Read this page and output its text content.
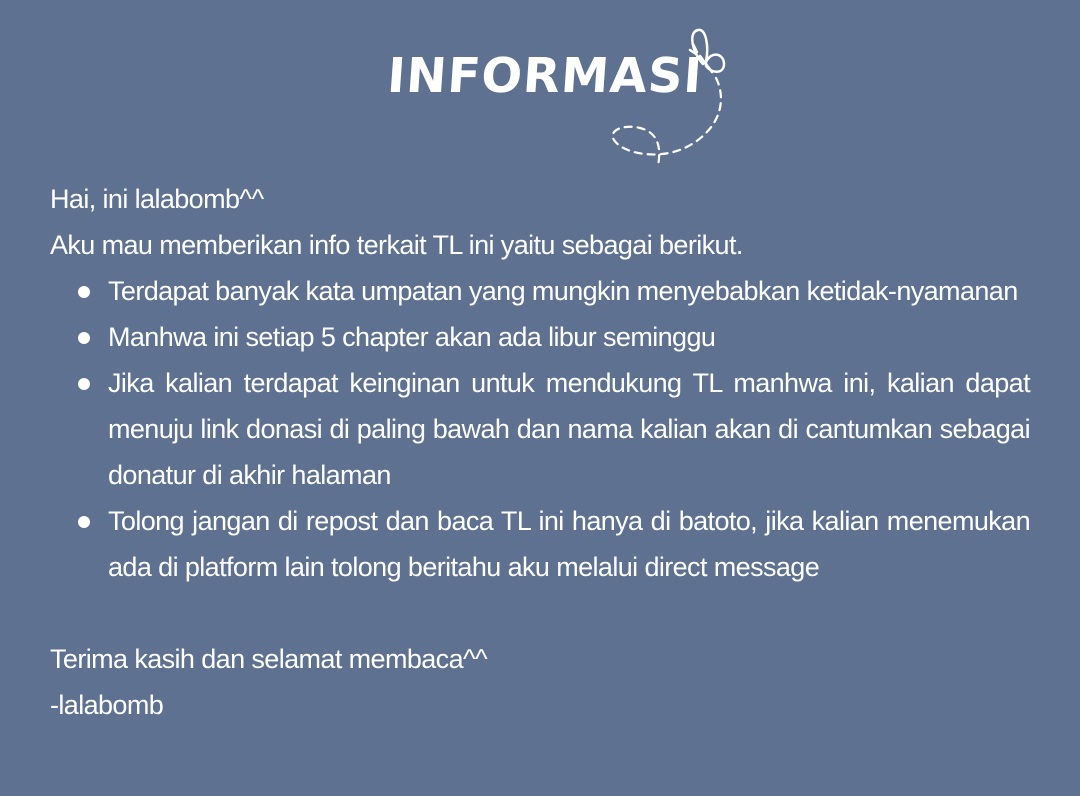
INFORMASI

Hai, ini lalabomb^^

Aku mau memberikan info terkait TL ini yaitu sebagai berikut.

Terdapat banyak kata umpatan yang mungkin menyebabkan ketidak-nyamanan
Manhwa ini setiap 5 chapter akan ada libur seminggu
Jika kalian terdapat keinginan untuk mendukung TL manhwa ini, kalian dapat menuju link donasi di paling bawah dan nama kalian akan di cantumkan sebagai donatur di akhir halaman
Tolong jangan di repost dan baca TL ini hanya di batoto, jika kalian menemukan ada di platform lain tolong beritahu aku melalui direct message

Terima kasih dan selamat membaca^^

-lalabomb
